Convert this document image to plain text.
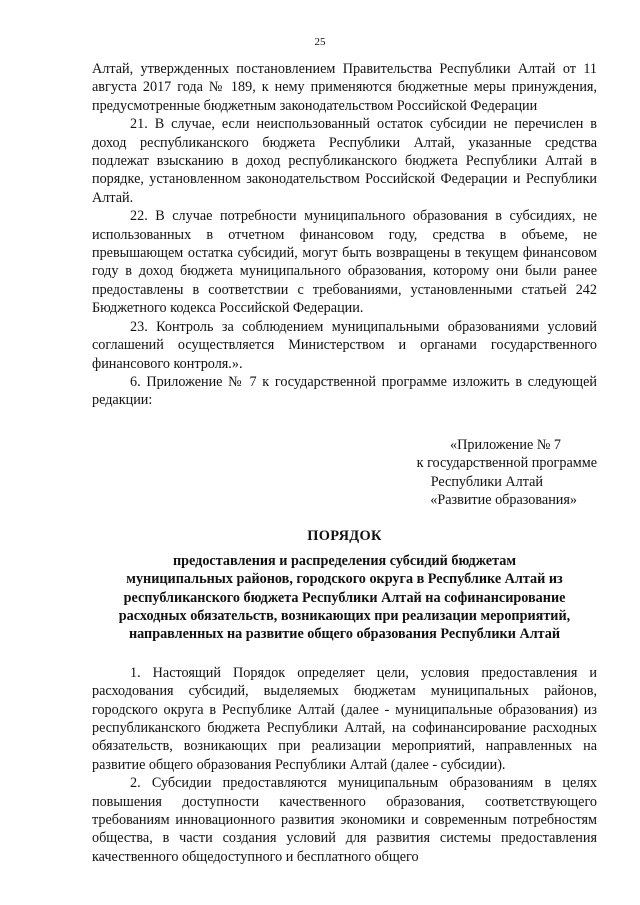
25

Алтай, утвержденных постановлением Правительства Республики Алтай от 11 августа 2017 года № 189, к нему применяются бюджетные меры принуждения, предусмотренные бюджетным законодательством Российской Федерации

21. В случае, если неиспользованный остаток субсидии не перечислен в доход республиканского бюджета Республики Алтай, указанные средства подлежат взысканию в доход республиканского бюджета Республики Алтай в порядке, установленном законодательством Российской Федерации и Республики Алтай.

22. В случае потребности муниципального образования в субсидиях, не использованных в отчетном финансовом году, средства в объеме, не превышающем остатка субсидий, могут быть возвращены в текущем финансовом году в доход бюджета муниципального образования, которому они были ранее предоставлены в соответствии с требованиями, установленными статьей 242 Бюджетного кодекса Российской Федерации.

23. Контроль за соблюдением муниципальными образованиями условий соглашений осуществляется Министерством и органами государственного финансового контроля.».

6. Приложение № 7 к государственной программе изложить в следующей редакции:

«Приложение № 7
к государственной программе
Республики Алтай
«Развитие образования»
ПОРЯДОК
предоставления и распределения субсидий бюджетам
муниципальных районов, городского округа в Республике Алтай из
республиканского бюджета Республики Алтай на софинансирование
расходных обязательств, возникающих при реализации мероприятий,
направленных на развитие общего образования Республики Алтай

1. Настоящий Порядок определяет цели, условия предоставления и расходования субсидий, выделяемых бюджетам муниципальных районов, городского округа в Республике Алтай (далее - муниципальные образования) из республиканского бюджета Республики Алтай, на софинансирование расходных обязательств, возникающих при реализации мероприятий, направленных на развитие общего образования Республики Алтай (далее - субсидии).

2. Субсидии предоставляются муниципальным образованиям в целях повышения доступности качественного образования, соответствующего требованиям инновационного развития экономики и современным потребностям общества, в части создания условий для развития системы предоставления качественного общедоступного и бесплатного общего
